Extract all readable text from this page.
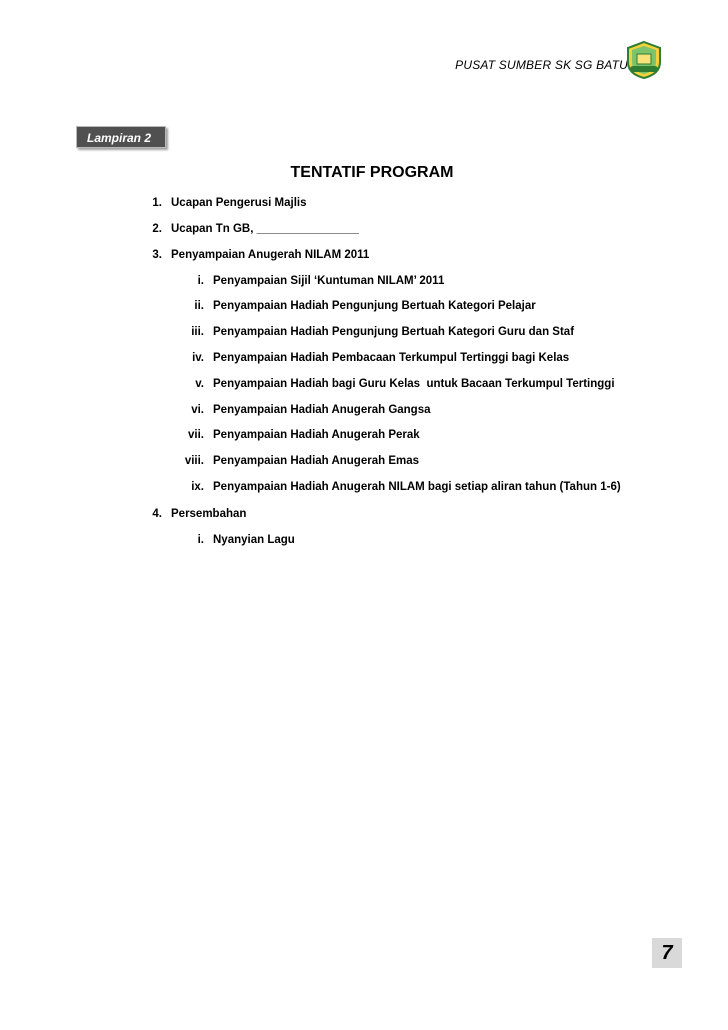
PUSAT SUMBER SK SG BATU
Lampiran 2
TENTATIF PROGRAM
1. Ucapan Pengerusi Majlis
2. Ucapan Tn GB, ________________
3. Penyampaian Anugerah NILAM 2011
i. Penyampaian Sijil ‘Kuntuman NILAM’ 2011
ii. Penyampaian Hadiah Pengunjung Bertuah Kategori Pelajar
iii. Penyampaian Hadiah Pengunjung Bertuah Kategori Guru dan Staf
iv. Penyampaian Hadiah Pembacaan Terkumpul Tertinggi bagi Kelas
v. Penyampaian Hadiah bagi Guru Kelas  untuk Bacaan Terkumpul Tertinggi
vi. Penyampaian Hadiah Anugerah Gangsa
vii. Penyampaian Hadiah Anugerah Perak
viii. Penyampaian Hadiah Anugerah Emas
ix. Penyampaian Hadiah Anugerah NILAM bagi setiap aliran tahun (Tahun 1-6)
4. Persembahan
i. Nyanyian Lagu
7
